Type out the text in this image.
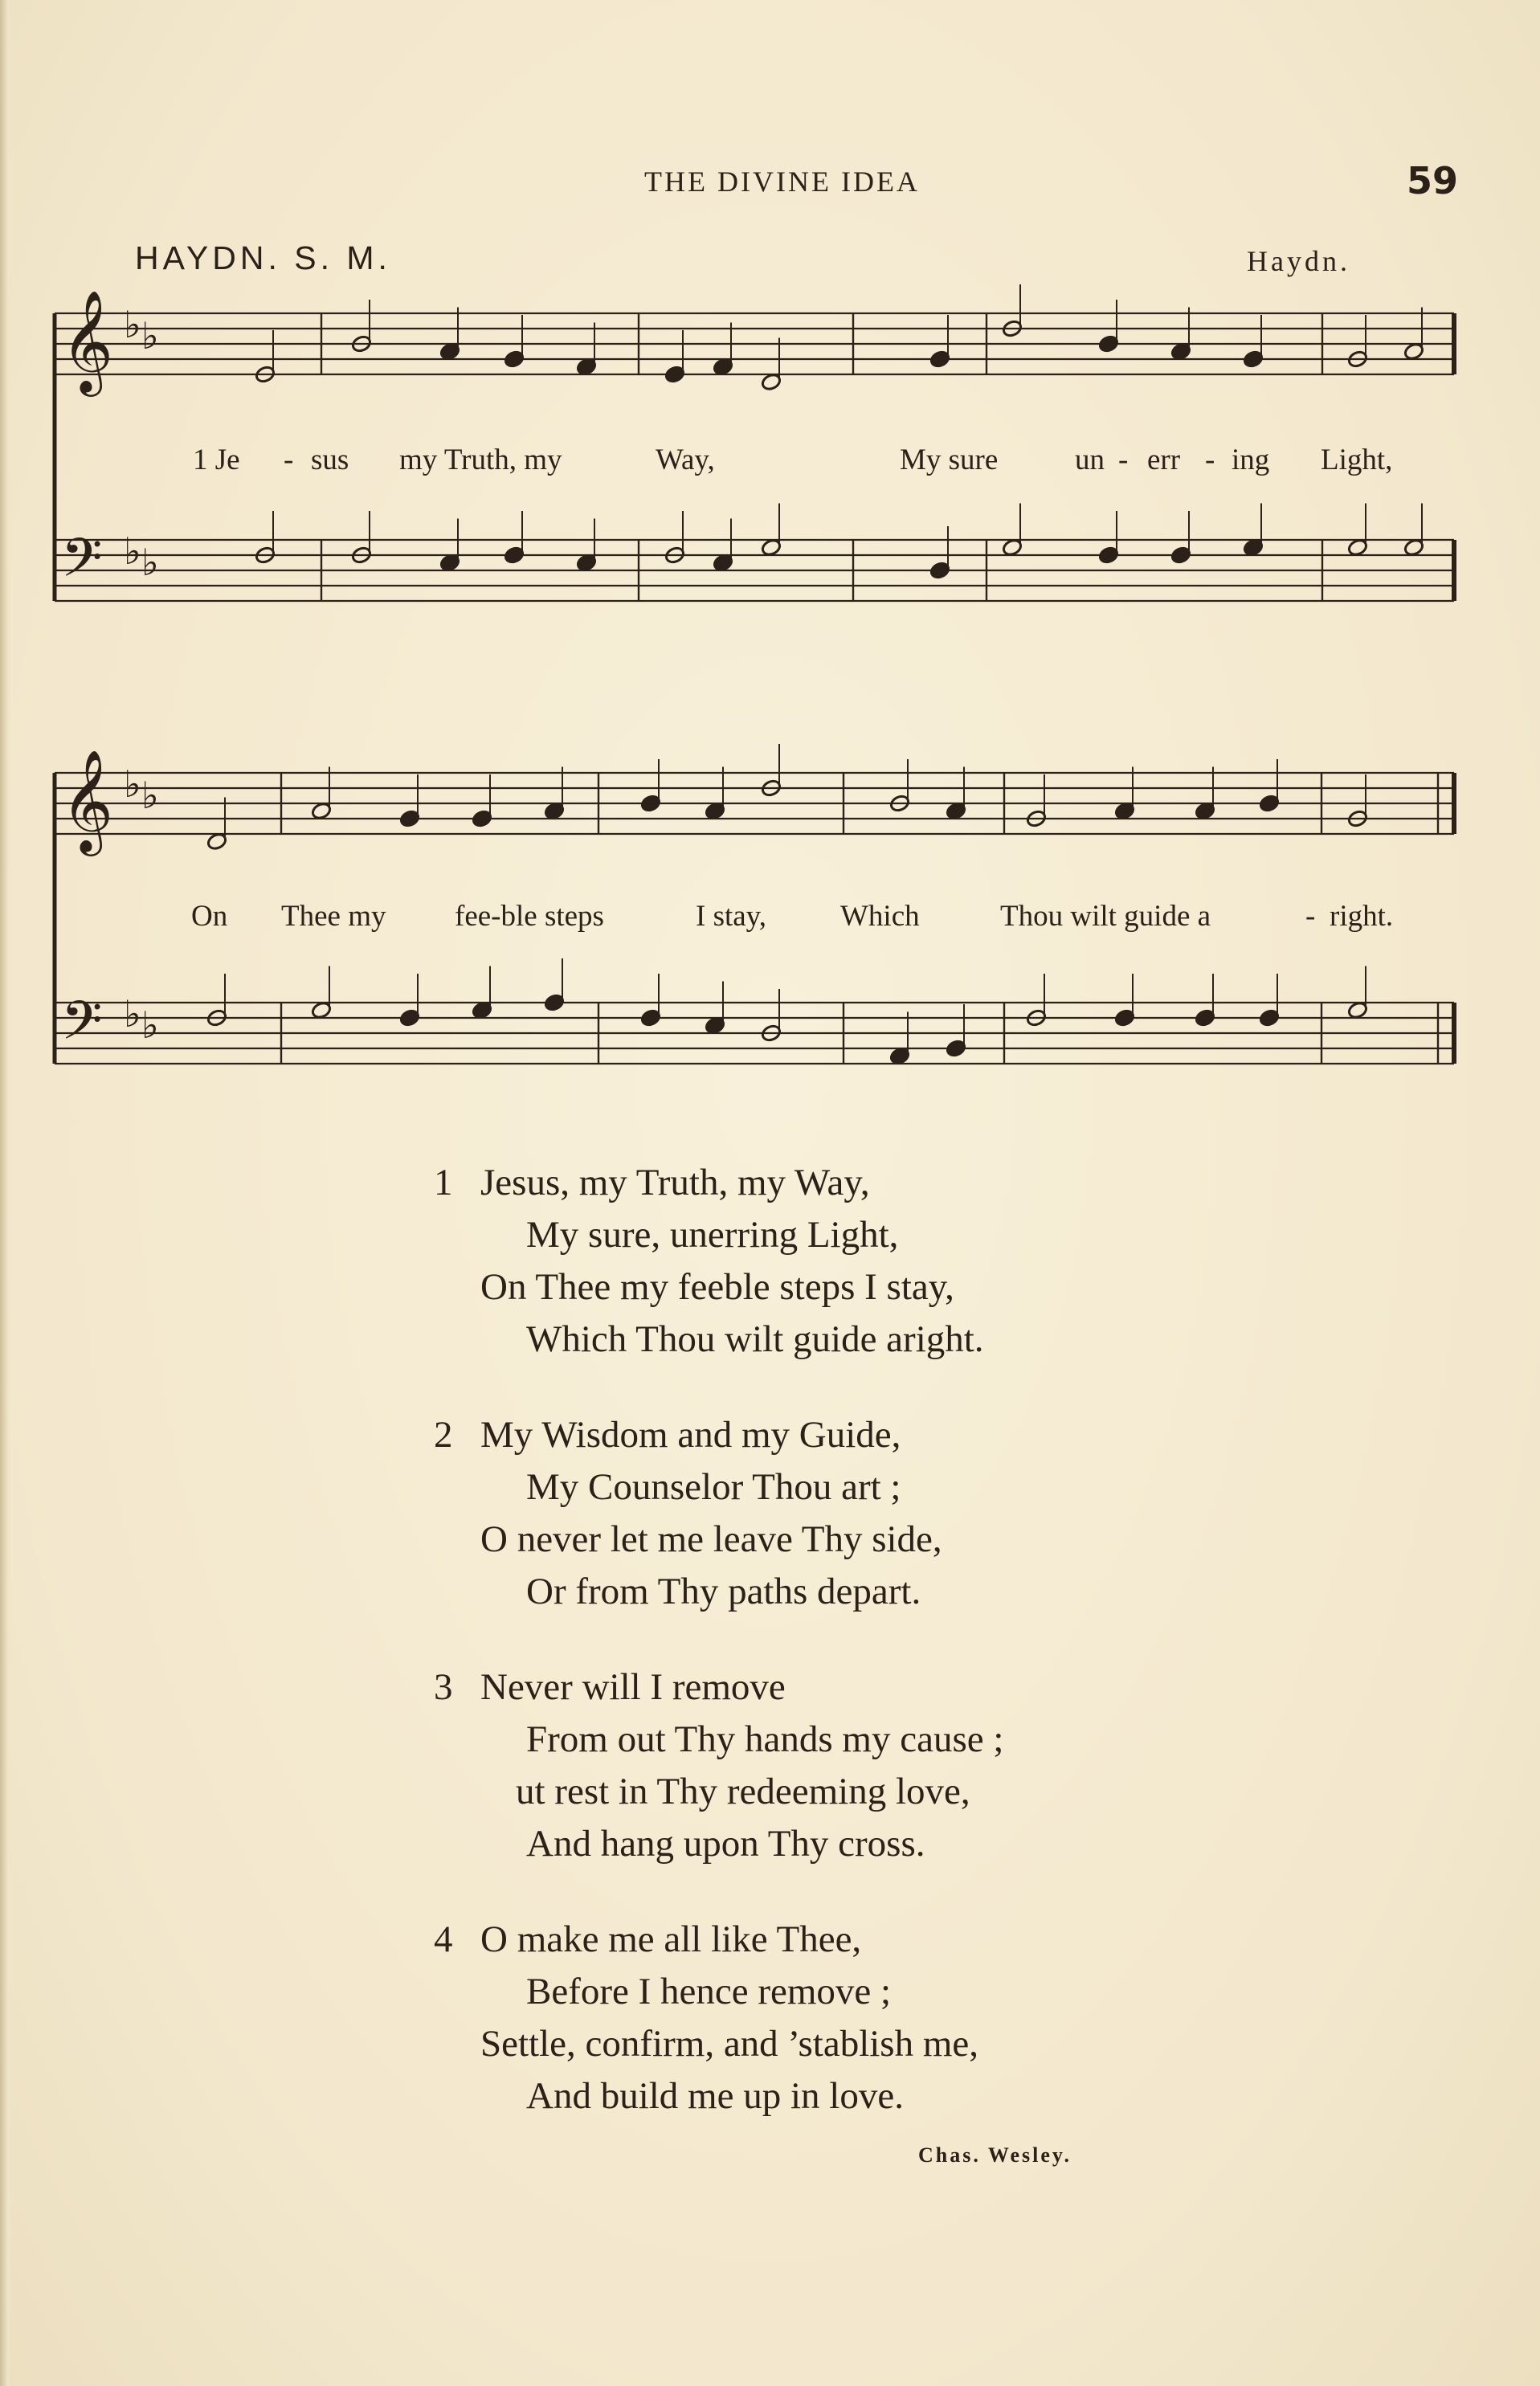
THE DIVINE IDEA	59
HAYDN. S. M.	Haydn.
𝄞 ♭ ♭
𝄢 ♭ ♭
𝄞 ♭ ♭
𝄢 ♭ ♭
1 Je - sus my Truth, my	Way,	My sure	un - err - ing Light,
On Thee my fee-ble steps	I stay, Which	Thou wilt guide a	- right.
1 Jesus, my Truth, my Way,
My sure, unerring Light,
On Thee my feeble steps I stay,
Which Thou wilt guide aright.
2 My Wisdom and my Guide,
My Counselor Thou art ;
O never let me leave Thy side,
Or from Thy paths depart.
3 Never will I remove
From out Thy hands my cause ;
ut rest in Thy redeeming love,
And hang upon Thy cross.
4 O make me all like Thee,
Before I hence remove ;
Settle, confirm, and ’stablish me,
And build me up in love.
Chas. Wesley.
